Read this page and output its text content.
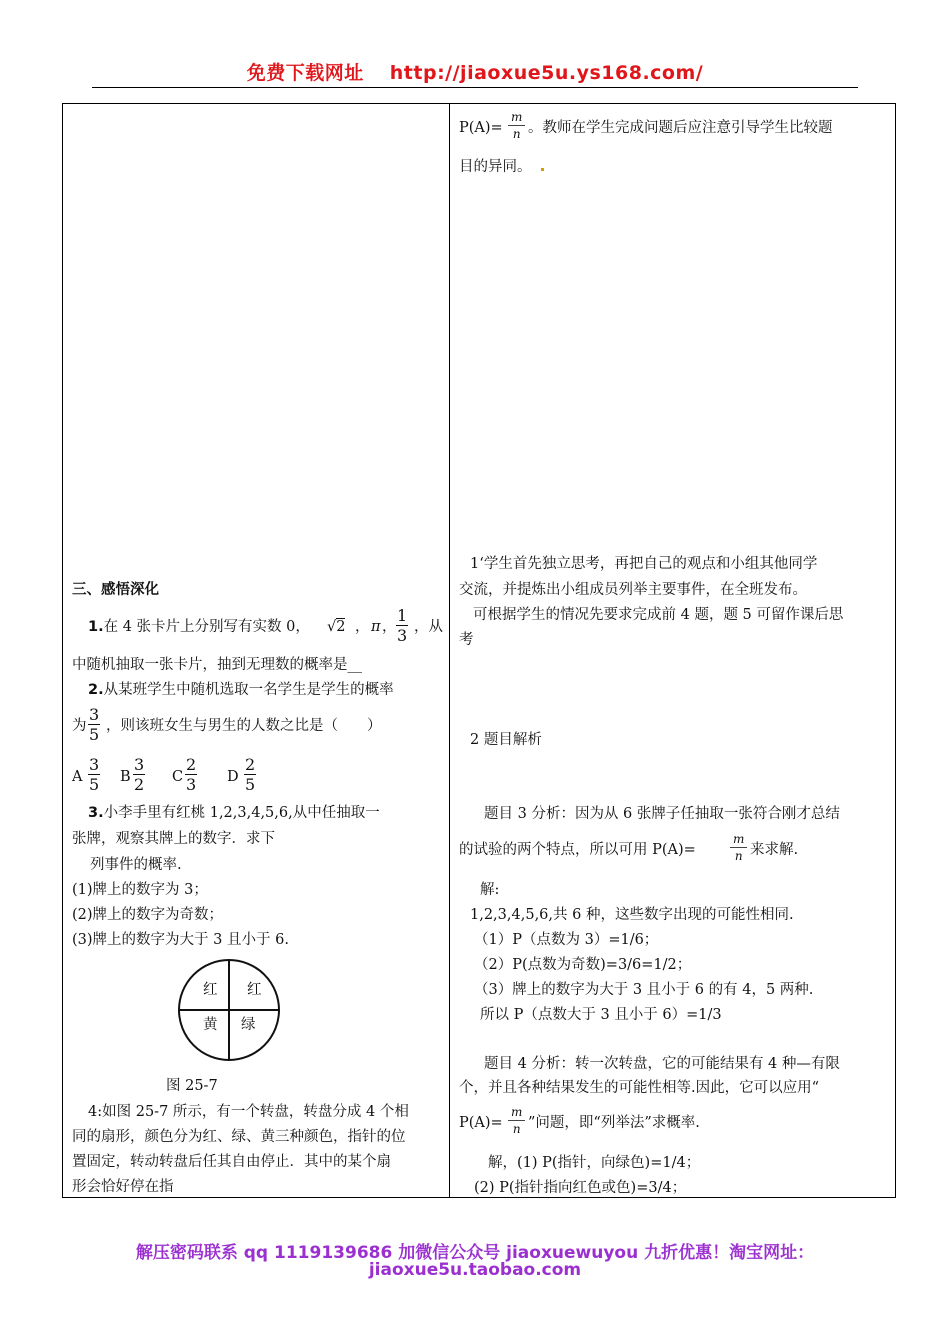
免费下载网址 http://jiaoxue5u.ys168.com/
$P(A)= \frac{m}{n}$ 。教师在学生完成问题后应注意引导学生比较题
目的异同。
三、感悟深化
1.在 4 张卡片上分别写有实数 0， √2 ， π ， $\frac{1}{3}$ ，从
中随机抽取一张卡片，抽到无理数的概率是__
2.从某班学生中随机选取一名学生是学生的概率
为 $\frac{3}{5}$ ，则该班女生与男生的人数之比是（　　）
A $\frac{3}{5}$ B $\frac{3}{2}$ C $\frac{2}{3}$ D $\frac{2}{5}$
3.小李手里有红桃 1,2,3,4,5,6,从中任抽取一
张牌，观察其牌上的数字．求下
列事件的概率.
(1)牌上的数字为 3；
(2)牌上的数字为奇数；
(3)牌上的数字为大于 3 且小于 6.
红 红
黄 绿
图 25-7
4:如图 25-7 所示，有一个转盘，转盘分成 4 个相
同的扇形，颜色分为红、绿、黄三种颜色，指针的位
置固定，转动转盘后任其自由停止．其中的某个扇
形会恰好停在指
1‘学生首先独立思考，再把自己的观点和小组其他同学
交流，并提炼出小组成员列举主要事件，在全班发布。
可根据学生的情况先要求完成前 4 题，题 5 可留作课后思
考
2 题目解析
题目 3 分析：因为从 6 张牌子任抽取一张符合刚才总结
的试验的两个特点，所以可用 P(A)=	$\frac{m}{n}$ 来求解.
解:
1,2,3,4,5,6,共 6 种，这些数字出现的可能性相同.
（1）P（点数为 3）=1/6；
（2）P(点数为奇数)=3/6=1/2；
（3）牌上的数字为大于 3 且小于 6 的有 4，5 两种.
所以 P（点数大于 3 且小于 6）=1/3
题目 4 分析：转一次转盘，它的可能结果有 4 种—有限
个，并且各种结果发生的可能性相等.因此，它可以应用“
$P(A)= \frac{m}{n}$ ”问题，即“列举法”求概率.
解，(1) P(指针，向绿色)=1/4；
(2) P(指针指向红色或色)=3/4；
解压密码联系 qq 1119139686 加微信公众号 jiaoxuewuyou 九折优惠！淘宝网址：
jiaoxue5u.taobao.com
